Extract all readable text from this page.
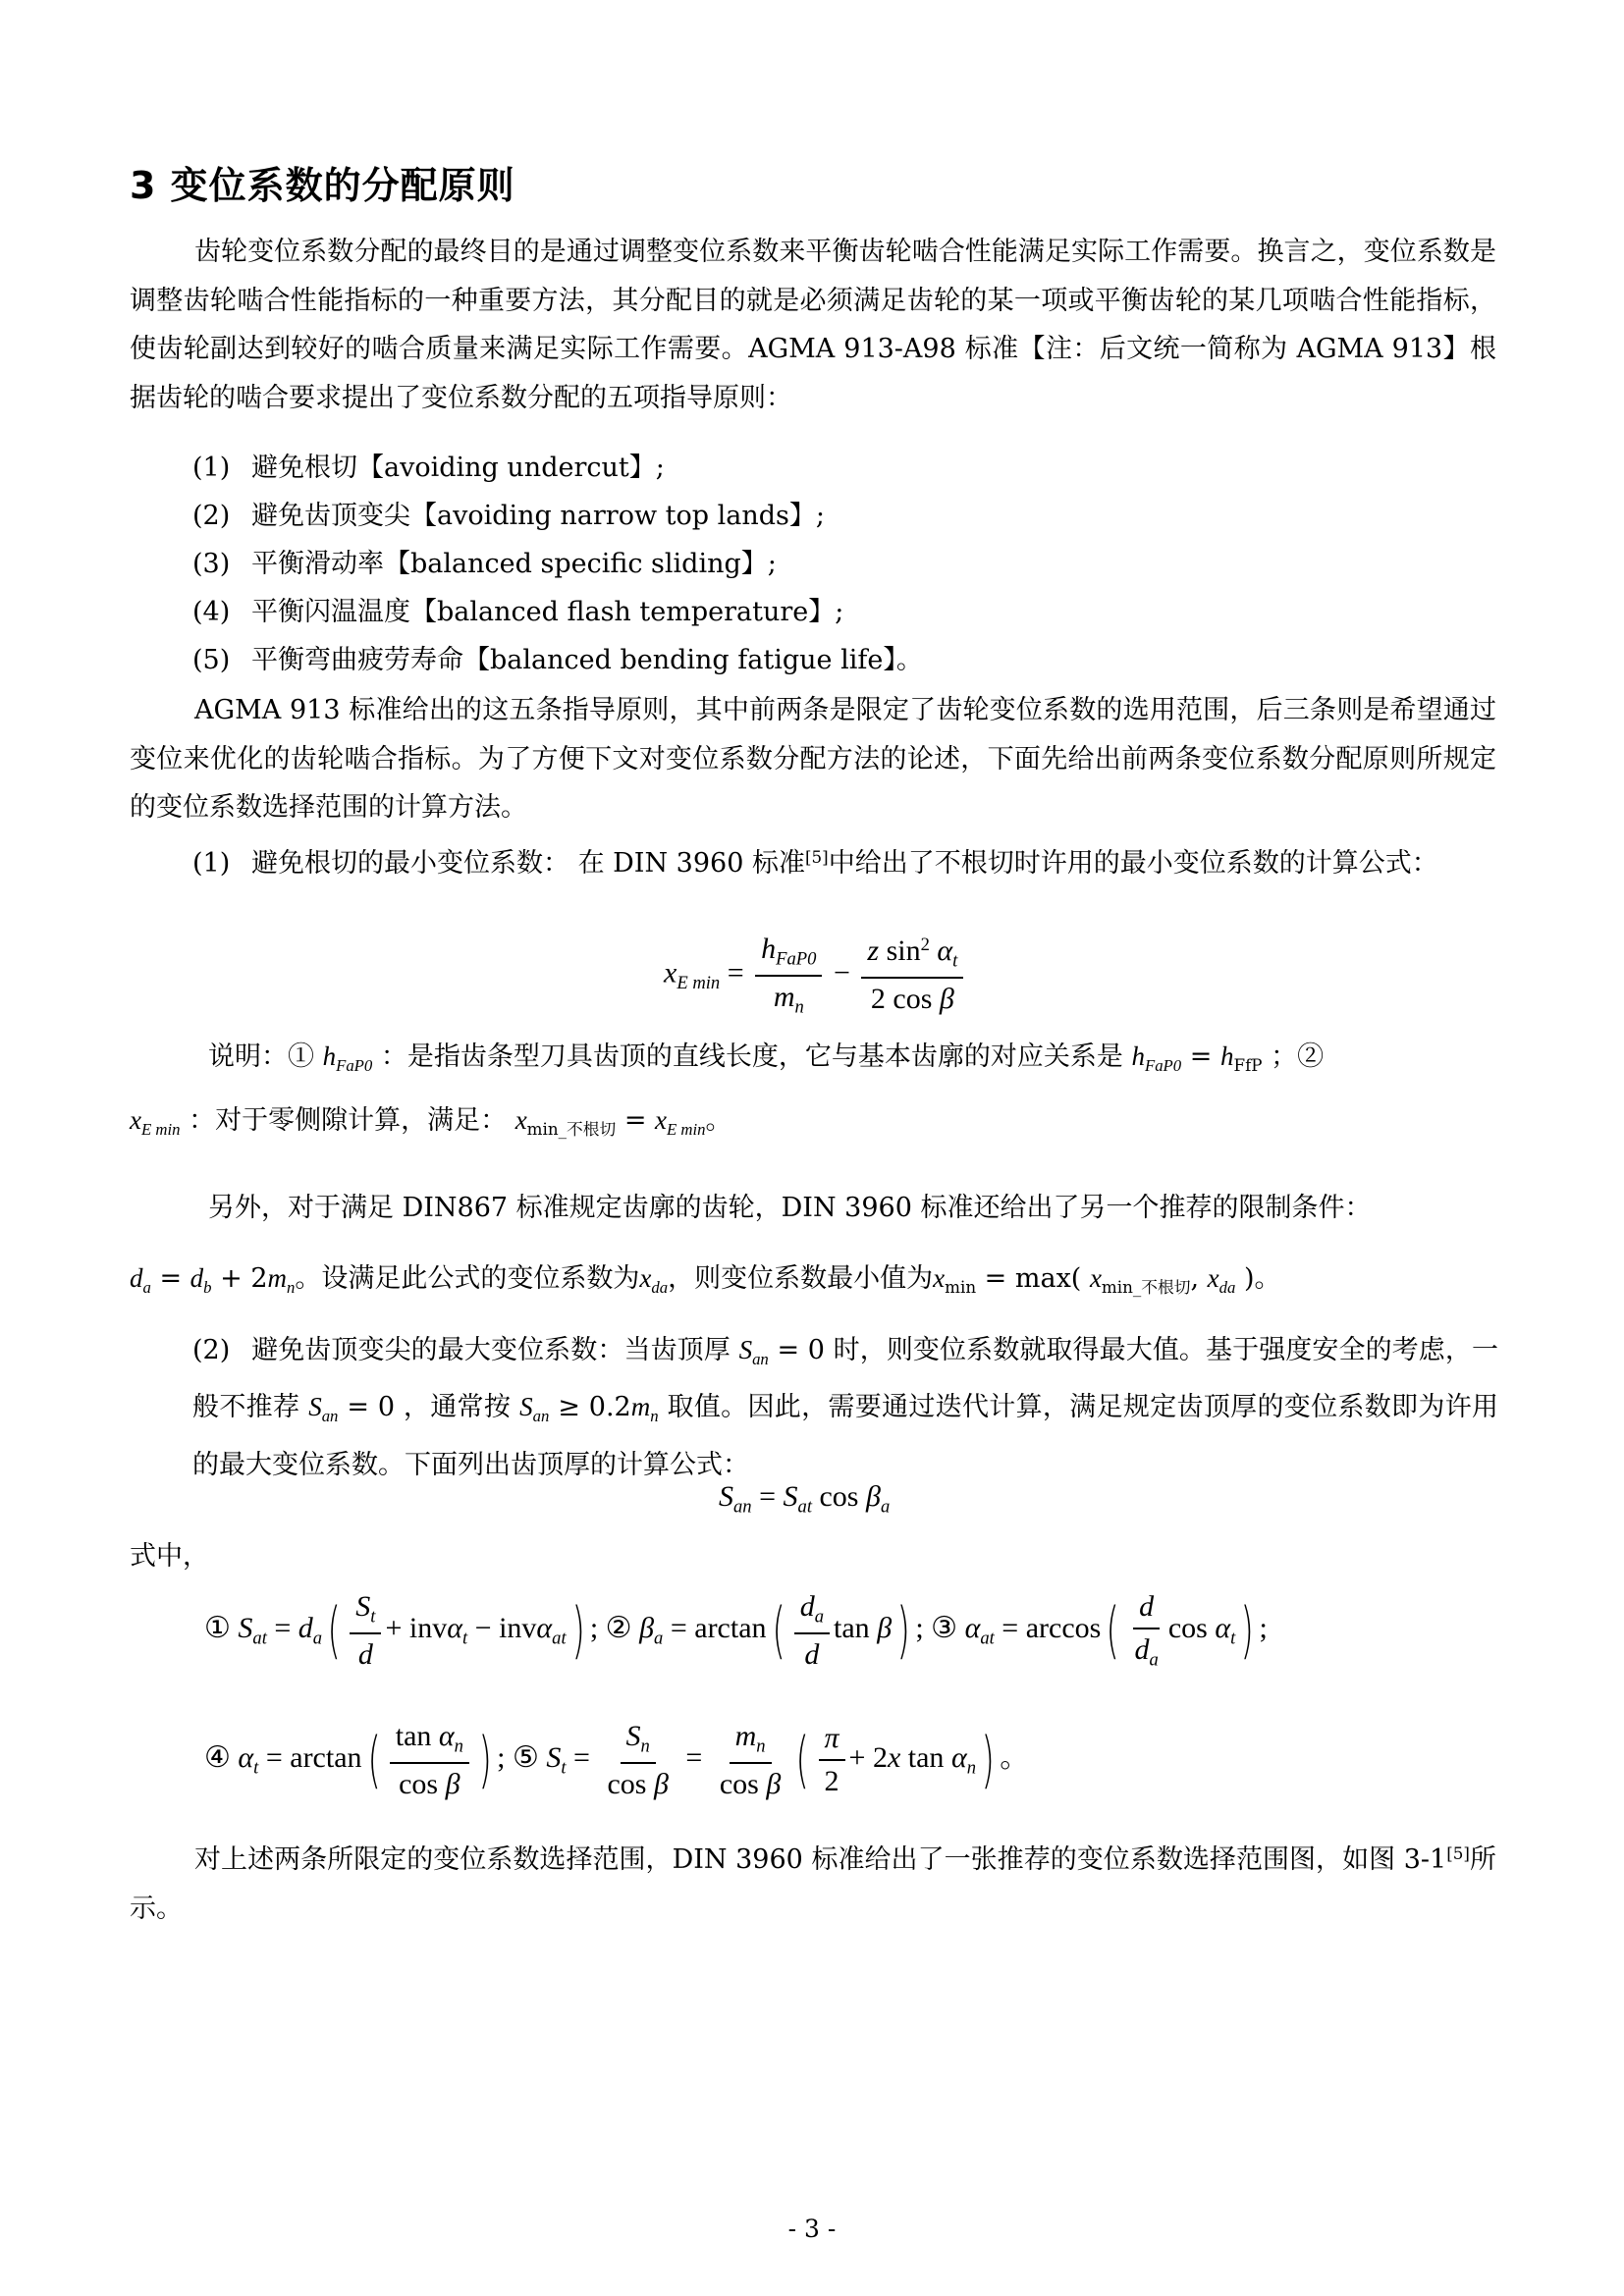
3 变位系数的分配原则
齿轮变位系数分配的最终目的是通过调整变位系数来平衡齿轮啮合性能满足实际工作需要。换言之，变位系数是调整齿轮啮合性能指标的一种重要方法，其分配目的就是必须满足齿轮的某一项或平衡齿轮的某几项啮合性能指标，使齿轮副达到较好的啮合质量来满足实际工作需要。AGMA 913-A98 标准【注：后文统一简称为 AGMA 913】根据齿轮的啮合要求提出了变位系数分配的五项指导原则：
(1) 避免根切【avoiding undercut】;
(2) 避免齿顶变尖【avoiding narrow top lands】;
(3) 平衡滑动率【balanced specific sliding】;
(4) 平衡闪温温度【balanced flash temperature】;
(5) 平衡弯曲疲劳寿命【balanced bending fatigue life】。
AGMA 913 标准给出的这五条指导原则，其中前两条是限定了齿轮变位系数的选用范围，后三条则是希望通过变位来优化的齿轮啮合指标。为了方便下文对变位系数分配方法的论述，下面先给出前两条变位系数分配原则所规定的变位系数选择范围的计算方法。
(1) 避免根切的最小变位系数： 在 DIN 3960 标准[5]中给出了不根切时许用的最小变位系数的计算公式：
$x_{E min} = \frac{h_{FaP0}}{m_n} - \frac{z \sin^2 \alpha_t}{\text{2 cos β}}$
说明：① $h_{FaP0}$ ：是指齿条型刀具齿顶的直线长度，它与基本齿廓的对应关系是 $h_{FaP0} = h_{FfP}$ ；②
$x_{E min}$ ：对于零侧隙计算，满足： $x_{min\_不根切} = x_{E min}$。
另外，对于满足 DIN867 标准规定齿廓的齿轮，DIN 3960 标准还给出了另一个推荐的限制条件：
$d_a = d_b + 2m_n$。设满足此公式的变位系数为$x_{da}$，则变位系数最小值为$x_{min} = \max$( $x_{min\_不根切}$, $x_{da}$ )。
(2) 避免齿顶变尖的最大变位系数：当齿顶厚 $S_{an} = 0$ 时，则变位系数就取得最大值。基于强度安全的考虑，一般不推荐 $S_{an} = 0$ ，通常按 $S_{an} \ge 0.2m_n$ 取值。因此，需要通过迭代计算，满足规定齿顶厚的变位系数即为许用的最大变位系数。下面列出齿顶厚的计算公式：
$S_{an} = S_{at}$ $\cos \beta_a$
式中，
① $S_{at} = d_a( \frac{S_t}{d} + inv\alpha_t - inv\alpha_{at})$ ; ② $\beta_a = \arctan( \frac{d_a}{d}$ tan β) ; ③ $\alpha_{at} = \arccos( \frac{d}{d_a}$ $\cos \alpha_t$) ;
④ $\alpha_t = \arctan( \frac{\tan \alpha_n}{\text{cos β}}$ ) ; ⑤ $S_t = \frac{S_n}{\text{cos β}} = \frac{m_n}{\text{cos β}}$ ( $\frac{\pi}{2} + 2x$ $\tan \alpha_n$) 。
对上述两条所限定的变位系数选择范围，DIN 3960 标准给出了一张推荐的变位系数选择范围图，如图 3-1[5]所示。
- 3 -
